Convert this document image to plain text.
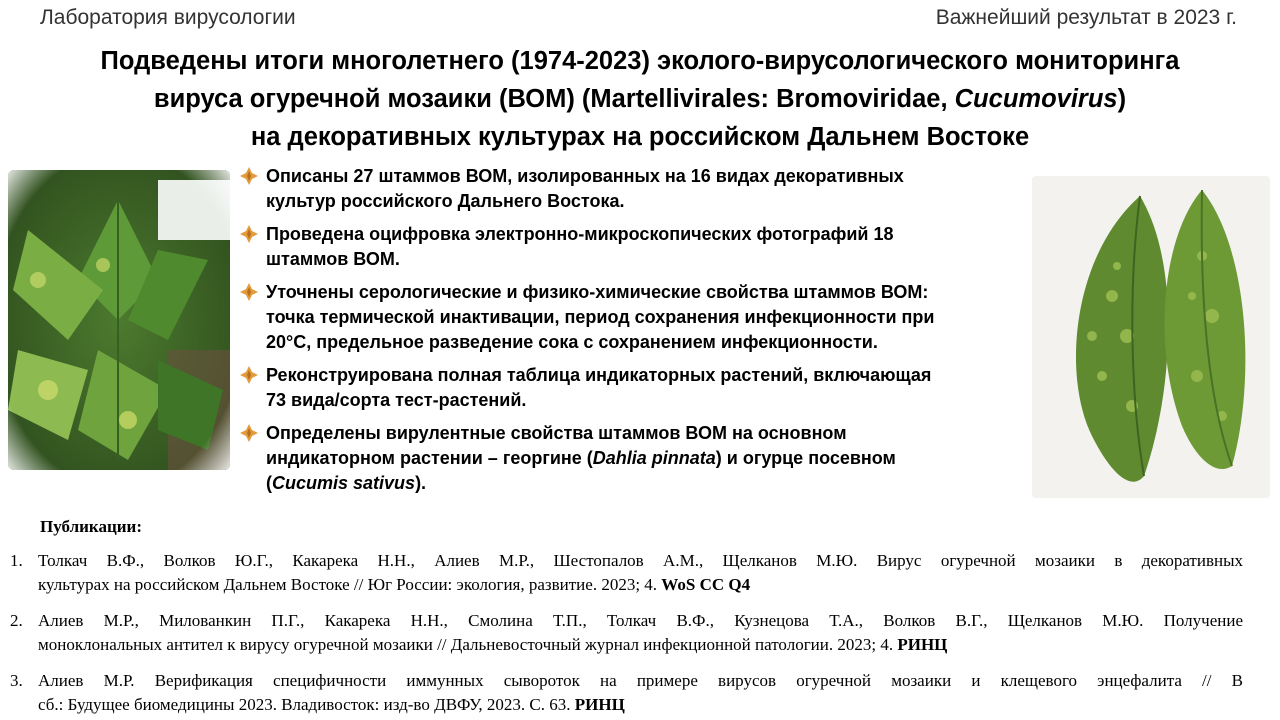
Лаборатория вирусологии	Важнейший результат в 2023 г.
Подведены итоги многолетнего (1974-2023) эколого-вирусологического мониторинга
вируса огуречной мозаики (ВОМ) (Martellivirales: Bromoviridae, Cucumovirus)
на декоративных культурах на российском Дальнем Востоке
Описаны 27 штаммов ВОМ, изолированных на 16 видах декоративных
культур российского Дальнего Востока.
Проведена оцифровка электронно-микроскопических фотографий 18
штаммов ВОМ.
Уточнены серологические и физико-химические свойства штаммов ВОМ:
точка термической инактивации, период сохранения инфекционности при
20°С, предельное разведение сока с сохранением инфекционности.
Реконструирована полная таблица индикаторных растений, включающая
73 вида/сорта тест-растений.
Определены вирулентные свойства штаммов ВОМ на основном
индикаторном растении – георгине (Dahlia pinnata) и огурце посевном
(Cucumis sativus).
Публикации:
1. Толкач В.Ф., Волков Ю.Г., Какарека Н.Н., Алиев М.Р., Шестопалов А.М., Щелканов М.Ю. Вирус огуречной мозаики в декоративных
культурах на российском Дальнем Востоке // Юг России: экология, развитие. 2023; 4. WoS CC Q4
2. Алиев М.Р., Милованкин П.Г., Какарека Н.Н., Смолина Т.П., Толкач В.Ф., Кузнецова Т.А., Волков В.Г., Щелканов М.Ю. Получение
моноклональных антител к вирусу огуречной мозаики // Дальневосточный журнал инфекционной патологии. 2023; 4. РИНЦ
3. Алиев М.Р. Верификация специфичности иммунных сывороток на примере вирусов огуречной мозаики и клещевого энцефалита // В
сб.: Будущее биомедицины 2023. Владивосток: изд-во ДВФУ, 2023. С. 63. РИНЦ
